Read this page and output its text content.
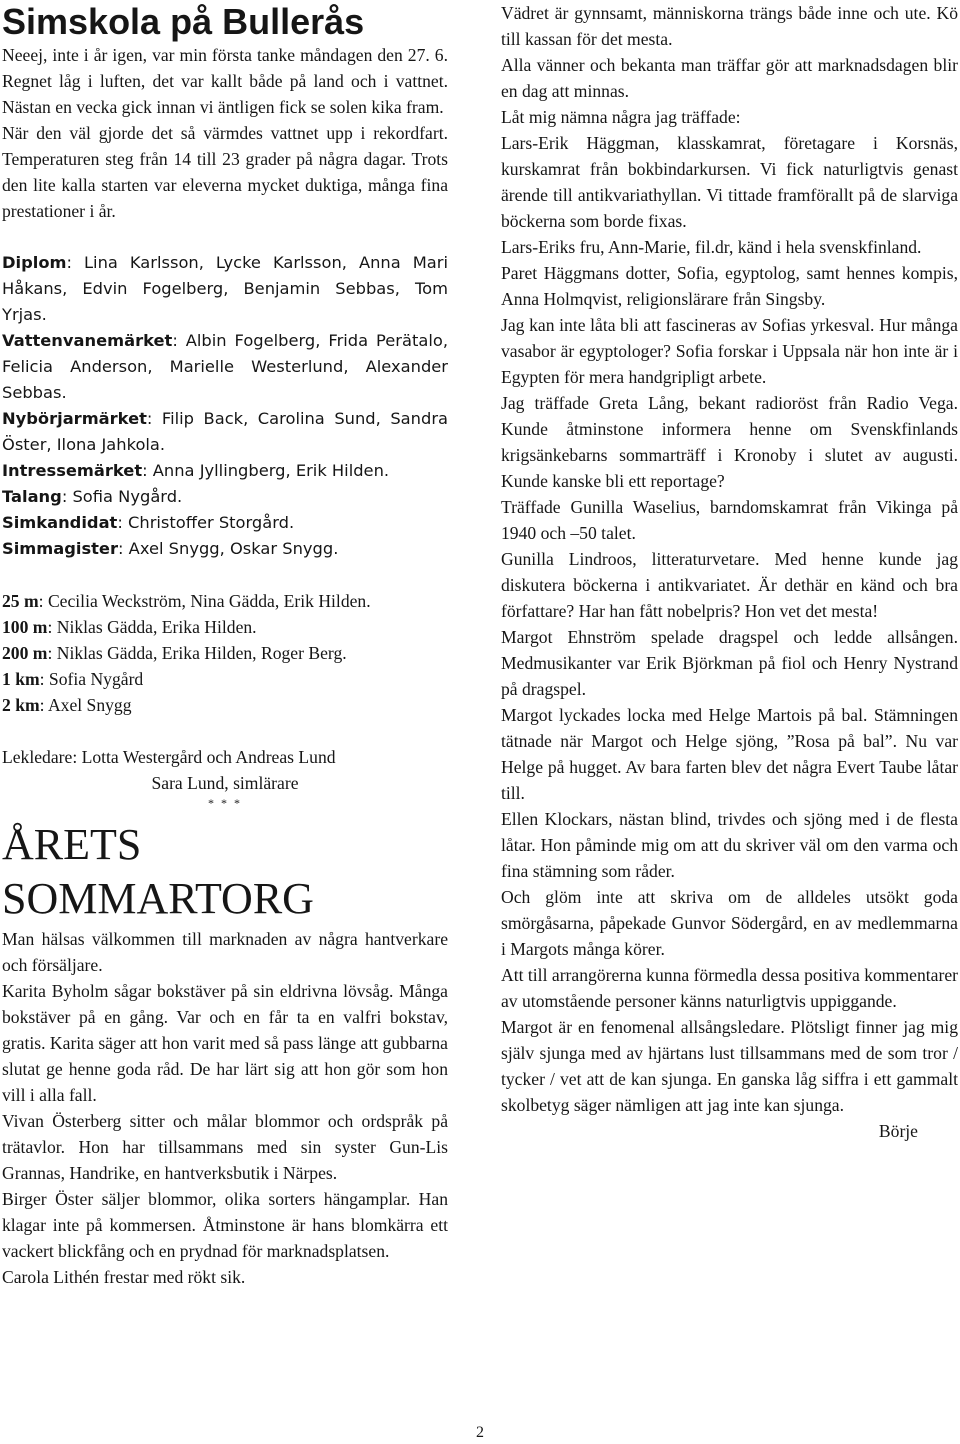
Simskola på Bullerås

Neeej, inte i år igen, var min första tanke måndagen den 27. 6. Regnet låg i luften, det var kallt både på land och i vattnet. Nästan en vecka gick innan vi äntligen fick se solen kika fram.

När den väl gjorde det så värmdes vattnet upp i rekordfart. Temperaturen steg från 14 till 23 grader på några dagar. Trots den lite kalla starten var eleverna mycket duktiga, många fina prestationer i år.

Diplom: Lina Karlsson, Lycke Karlsson, Anna Mari Håkans, Edvin Fogelberg, Benjamin Sebbas, Tom Yrjas.

Vattenvanemärket: Albin Fogelberg, Frida Perätalo, Felicia Anderson, Marielle Westerlund, Alexander Sebbas.

Nybörjarmärket: Filip Back, Carolina Sund, Sandra Öster, Ilona Jahkola.

Intressemärket: Anna Jyllingberg, Erik Hilden.

Talang: Sofia Nygård.

Simkandidat: Christoffer Storgård.

Simmagister: Axel Snygg, Oskar Snygg.

25 m: Cecilia Weckström, Nina Gädda, Erik Hilden.

100 m: Niklas Gädda, Erika Hilden.

200 m: Niklas Gädda, Erika Hilden, Roger Berg.

1 km: Sofia Nygård

2 km: Axel Snygg

Lekledare: Lotta Westergård och Andreas Lund

Sara Lund, simlärare

* * *

ÅRETS SOMMARTORG

Man hälsas välkommen till marknaden av några hantverkare och försäljare.

Karita Byholm sågar bokstäver på sin eldrivna lövsåg. Många bokstäver på en gång. Var och en får ta en valfri bokstav, gratis. Karita säger att hon varit med så pass länge att gubbarna slutat ge henne goda råd. De har lärt sig att hon gör som hon vill i alla fall.

Vivan Österberg sitter och målar blommor och ordspråk på trätavlor. Hon har tillsammans med sin syster Gun-Lis Grannas, Handrike, en hantverksbutik i Närpes.

Birger Öster säljer blommor, olika sorters hängamplar. Han klagar inte på kommersen. Åtminstone är hans blomkärra ett vackert blickfång och en prydnad för marknadsplatsen.

Carola Lithén frestar med rökt sik.

Vädret är gynnsamt, människorna trängs både inne och ute. Kö till kassan för det mesta.

Alla vänner och bekanta man träffar gör att marknadsdagen blir en dag att minnas.

Låt mig nämna några jag träffade:

Lars-Erik Häggman, klasskamrat, företagare i Korsnäs, kurskamrat från bokbindarkursen. Vi fick naturligtvis genast ärende till antikvariathyllan. Vi tittade framförallt på de slarviga böckerna som borde fixas.

Lars-Eriks fru, Ann-Marie, fil.dr, känd i hela svenskfinland.

Paret Häggmans dotter, Sofia, egyptolog, samt hennes kompis, Anna Holmqvist, religionslärare från Singsby.

Jag kan inte låta bli att fascineras av Sofias yrkesval. Hur många vasabor är egyptologer? Sofia forskar i Uppsala när hon inte är i Egypten för mera handgripligt arbete.

Jag träffade Greta Lång, bekant radioröst från Radio Vega. Kunde åtminstone informera henne om Svenskfinlands krigsänkebarns sommarträff i Kronoby i slutet av augusti. Kunde kanske bli ett reportage?

Träffade Gunilla Waselius, barndomskamrat från Vikinga på 1940 och –50 talet.

Gunilla Lindroos, litteraturvetare. Med henne kunde jag diskutera böckerna i antikvariatet. Är dethär en känd och bra författare? Har han fått nobelpris? Hon vet det mesta!

Margot Ehnström spelade dragspel och ledde allsången. Medmusikanter var Erik Björkman på fiol och Henry Nystrand på dragspel.

Margot lyckades locka med Helge Martois på bal. Stämningen tätnade när Margot och Helge sjöng, ”Rosa på bal”. Nu var Helge på hugget. Av bara farten blev det några Evert Taube låtar till.

Ellen Klockars, nästan blind, trivdes och sjöng med i de flesta låtar. Hon påminde mig om att du skriver väl om den varma och fina stämning som råder.

Och glöm inte att skriva om de alldeles utsökt goda smörgåsarna, påpekade Gunvor Södergård, en av medlemmarna i Margots många körer.

Att till arrangörerna kunna förmedla dessa positiva kommentarer av utomstående personer känns naturligtvis uppiggande.

Margot är en fenomenal allsångsledare. Plötsligt finner jag mig själv sjunga med av hjärtans lust tillsammans med de som tror / tycker / vet att de kan sjunga. En ganska låg siffra i ett gammalt skolbetyg säger nämligen att jag inte kan sjunga.

Börje

2
